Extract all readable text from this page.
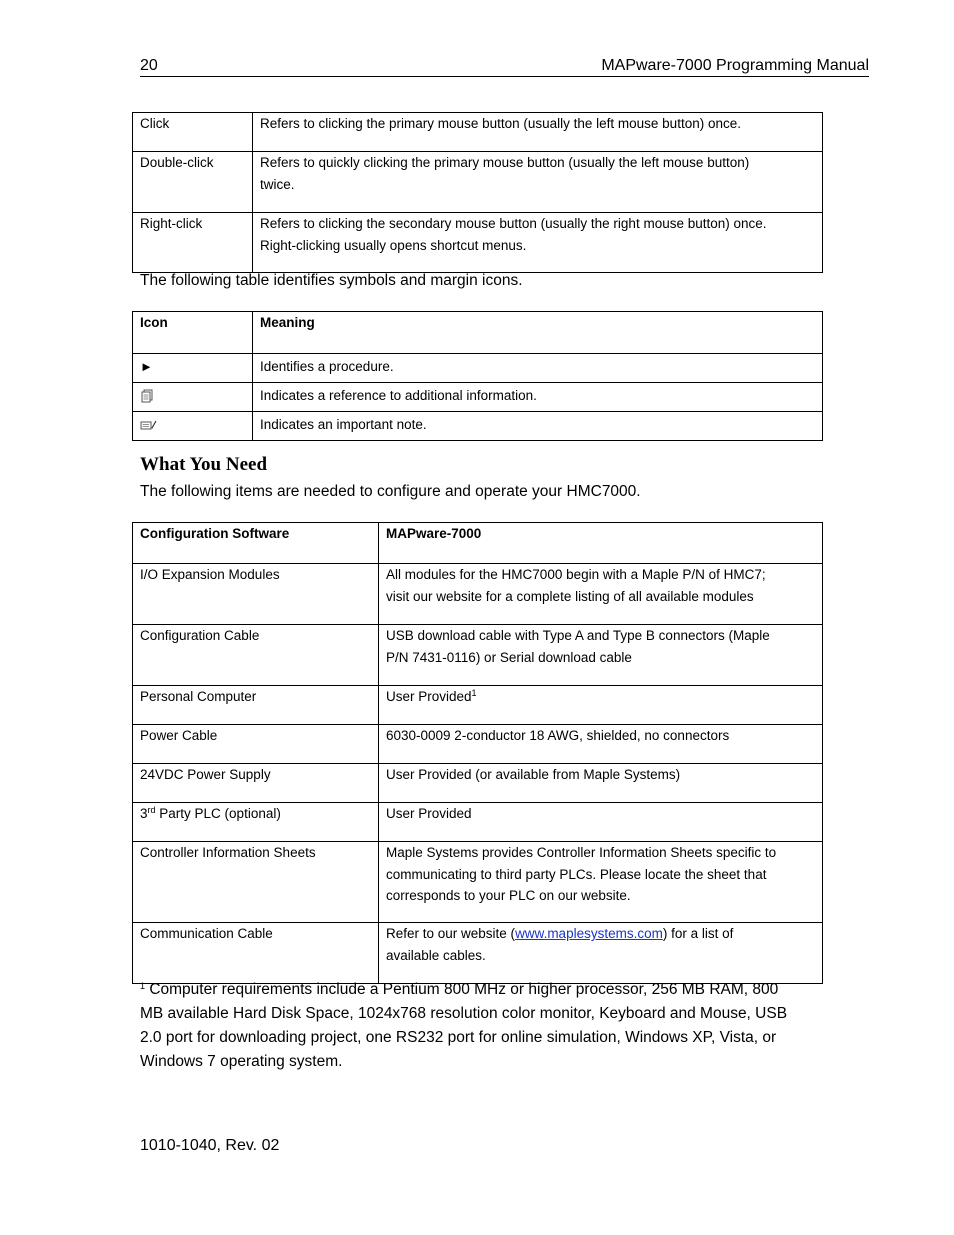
20	MAPware-7000 Programming Manual
Click	Refers to clicking the primary mouse button (usually the left mouse button) once.
Double-click	Refers to quickly clicking the primary mouse button (usually the left mouse button)
twice.
Right-click	Refers to clicking the secondary mouse button (usually the right mouse button) once.
Right-clicking usually opens shortcut menus.
The following table identifies symbols and margin icons.
Icon	Meaning
►	Identifies a procedure.
	Indicates a reference to additional information.
	Indicates an important note.
What You Need
The following items are needed to configure and operate your HMC7000.
Configuration Software	MAPware-7000
I/O Expansion Modules	All modules for the HMC7000 begin with a Maple P/N of HMC7;
visit our website for a complete listing of all available modules
Configuration Cable	USB download cable with Type A and Type B connectors (Maple
P/N 7431-0116) or Serial download cable
Personal Computer	User Provided$^1$
Power Cable	6030-0009 2-conductor 18 AWG, shielded, no connectors
24VDC Power Supply	User Provided (or available from Maple Systems)
3rd Party PLC (optional)	User Provided
Controller Information Sheets	Maple Systems provides Controller Information Sheets specific to
communicating to third party PLCs. Please locate the sheet that
corresponds to your PLC on our website.
Communication Cable	Refer to our website (www.maplesystems.com) for a list of
available cables.
$^1$ Computer requirements include a Pentium 800 MHz or higher processor, 256 MB RAM, 800
MB available Hard Disk Space, 1024x768 resolution color monitor, Keyboard and Mouse, USB
2.0 port for downloading project, one RS232 port for online simulation, Windows XP, Vista, or
Windows 7 operating system.
1010-1040, Rev. 02
